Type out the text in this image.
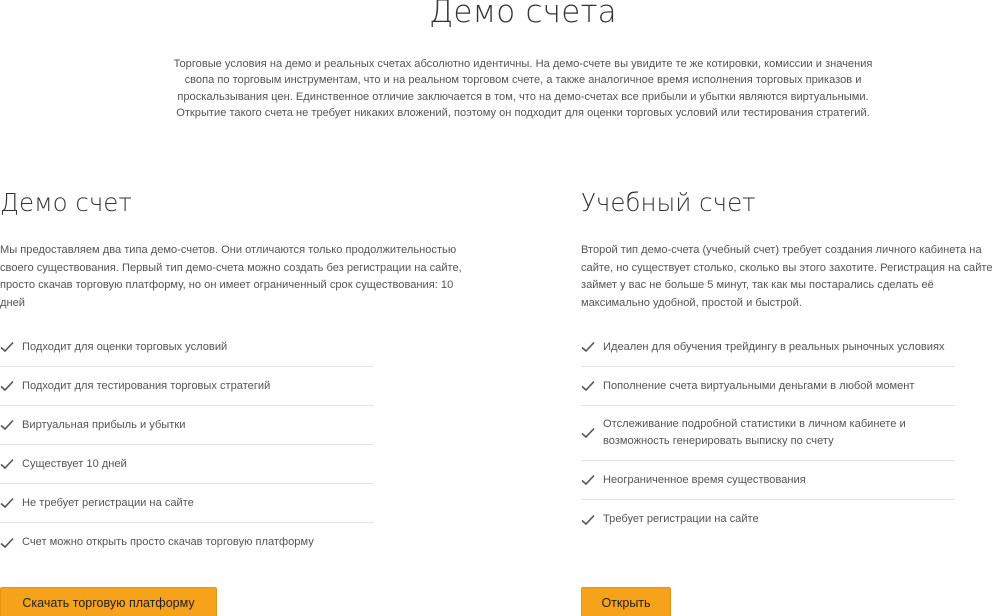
Демо счета

Торговые условия на демо и реальных счетах абсолютно идентичны. На демо-счете вы увидите те же котировки, комиссии и значения свопа по торговым инструментам, что и на реальном торговом счете, а также аналогичное время исполнения торговых приказов и проскальзывания цен. Единственное отличие заключается в том, что на демо-счетах все прибыли и убытки являются виртуальными. Открытие такого счета не требует никаких вложений, поэтому он подходит для оценки торговых условий или тестирования стратегий.

Демо счет

Мы предоставляем два типа демо-счетов. Они отличаются только продолжительностью своего существования. Первый тип демо-счета можно создать без регистрации на сайте, просто скачав торговую платформу, но он имеет ограниченный срок существования: 10 дней

Подходит для оценки торговых условий
Подходит для тестирования торговых стратегий
Виртуальная прибыль и убытки
Существует 10 дней
Не требует регистрации на сайте
Счет можно открыть просто скачав торговую платформу
Скачать торговую платформу
Учебный счет

Второй тип демо-счета (учебный счет) требует создания личного кабинета на сайте, но существует столько, сколько вы этого захотите. Регистрация на сайте займет у вас не больше 5 минут, так как мы постарались сделать её максимально удобной, простой и быстрой.

Идеален для обучения трейдингу в реальных рыночных условиях
Пополнение счета виртуальными деньгами в любой момент
Отслеживание подробной статистики в личном кабинете и возможность генерировать выписку по счету
Неограниченное время существования
Требует регистрации на сайте
Открыть
